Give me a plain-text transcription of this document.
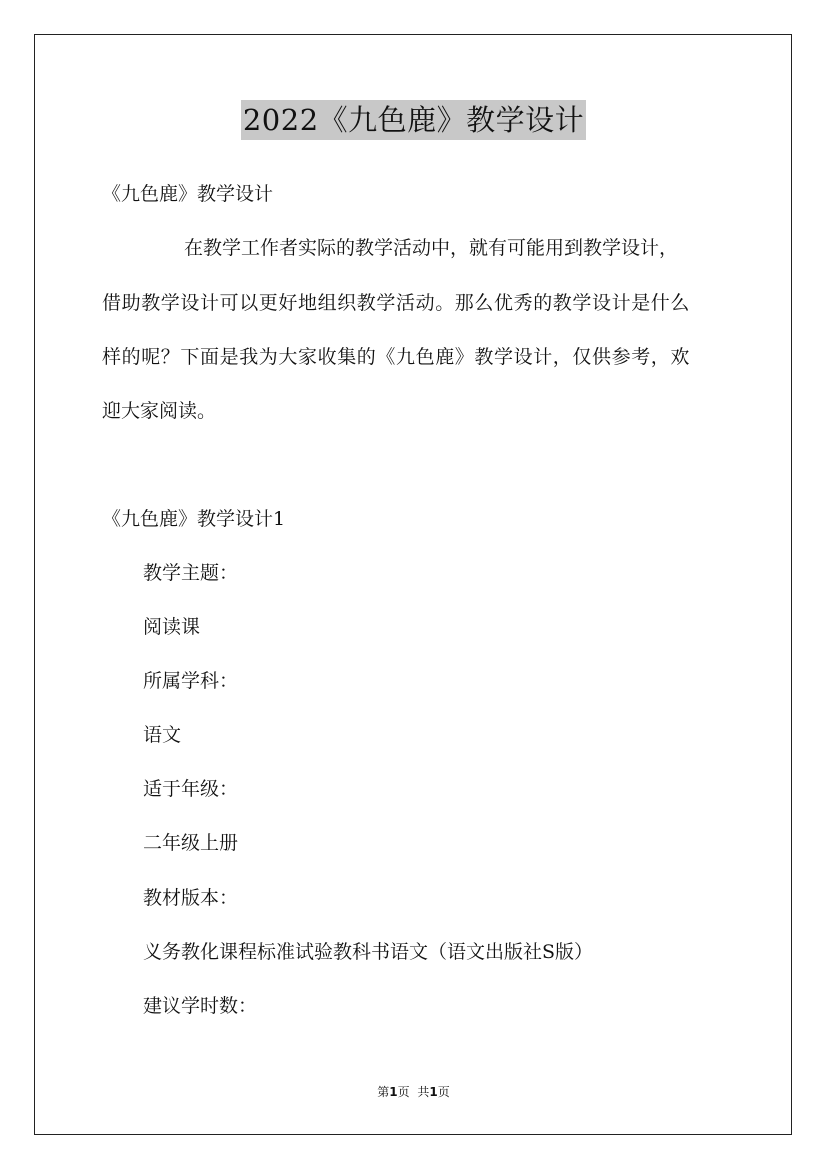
2022《九色鹿》教学设计
《九色鹿》教学设计
在教学工作者实际的教学活动中，就有可能用到教学设计，
借助教学设计可以更好地组织教学活动。那么优秀的教学设计是什么
样的呢？下面是我为大家收集的《九色鹿》教学设计，仅供参考，欢
迎大家阅读。
《九色鹿》教学设计1
教学主题：
阅读课
所属学科：
语文
适于年级：
二年级上册
教材版本：
义务教化课程标准试验教科书语文（语文出版社S版）
建议学时数：
第1页 共1页
